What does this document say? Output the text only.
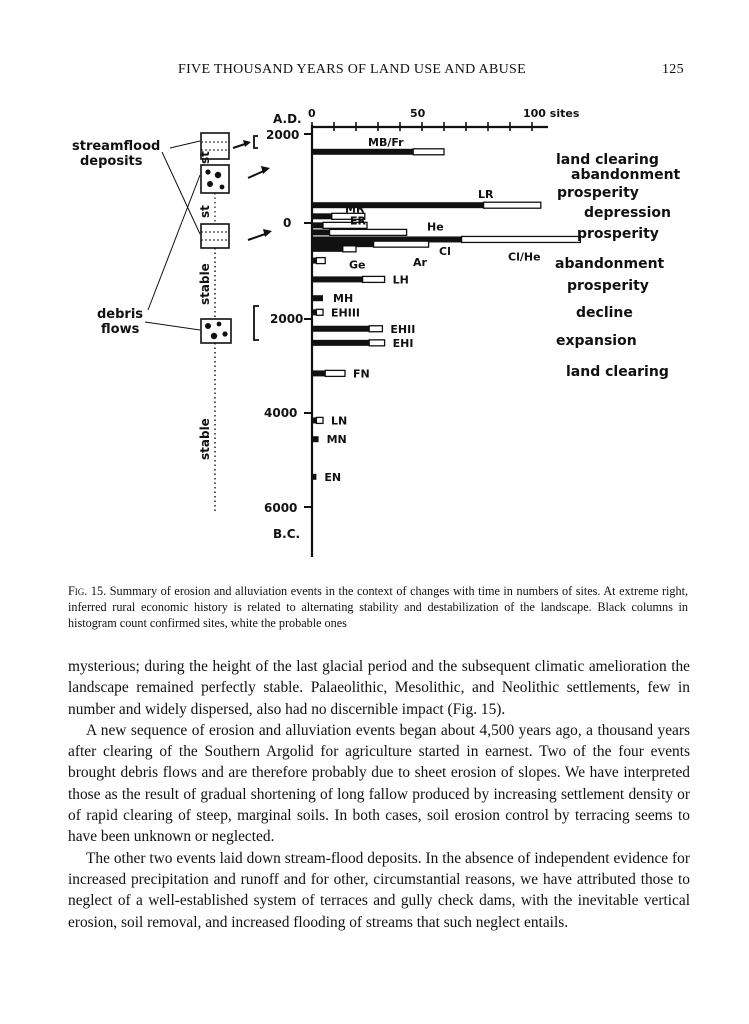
FIVE THOUSAND YEARS OF LAND USE AND ABUSE	125
0	50	100 sites
A.D.
2000
0
2000
4000
6000
B.C.
MB/Fr
LR
MR
ER	He
Cl/He
Cl
Ar
Ge
LH
MH
EHIII
EHII
EHI
FN
LN
MN
EN
st
st
stable
stable
streamflood
deposits
debris
flows
land clearing
abandonment
prosperity
depression
prosperity
abandonment
prosperity
decline
expansion
land clearing
Fig. 15. Summary of erosion and alluviation events in the context of changes with time in numbers of sites. At extreme right, inferred rural economic history is related to alternating stability and destabilization of the landscape. Black columns in histogram count confirmed sites, white the probable ones

mysterious; during the height of the last glacial period and the subsequent climatic amelioration the landscape remained perfectly stable. Palaeolithic, Mesolithic, and Neolithic settlements, few in number and widely dispersed, also had no discernible impact (Fig. 15).

A new sequence of erosion and alluviation events began about 4,500 years ago, a thousand years after clearing of the Southern Argolid for agriculture started in earnest. Two of the four events brought debris flows and are therefore probably due to sheet erosion of slopes. We have interpreted those as the result of gradual shortening of long fallow produced by increasing settlement density or of rapid clearing of steep, marginal soils. In both cases, soil erosion control by terracing seems to have been unknown or neglected.

The other two events laid down stream-flood deposits. In the absence of independent evidence for increased precipitation and runoff and for other, circumstantial reasons, we have attributed those to neglect of a well-established system of terraces and gully check dams, with the inevitable vertical erosion, soil removal, and increased flooding of streams that such neglect entails.
